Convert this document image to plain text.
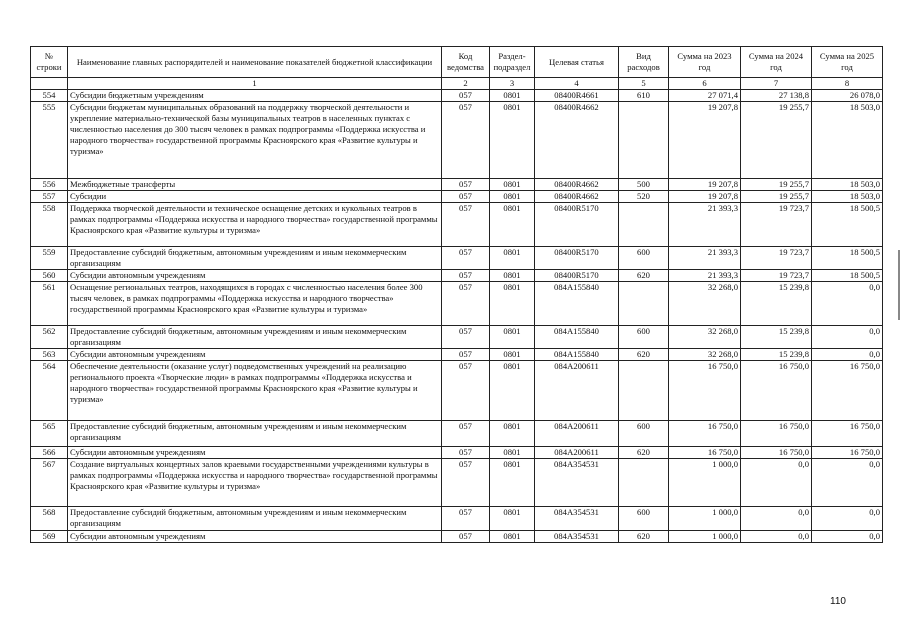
№ строки	Наименование главных распорядителей и наименование показателей бюджетной классификации	Код ведомства	Раздел-подраздел	Целевая статья	Вид расходов	Сумма на 2023 год	Сумма на 2024 год	Сумма на 2025 год
	1	2	3	4	5	6	7	8
554	Субсидии бюджетным учреждениям	057	0801	08400R4661	610	27 071,4	27 138,8	26 078,0
555	Субсидии бюджетам муниципальных образований на поддержку творческой деятельности и укрепление материально-технической базы муниципальных театров в населенных пунктах с численностью населения до 300 тысяч человек в рамках подпрограммы «Поддержка искусства и народного творчества» государственной программы Красноярского края «Развитие культуры и туризма»	057	0801	08400R4662		19 207,8	19 255,7	18 503,0
556	Межбюджетные трансферты	057	0801	08400R4662	500	19 207,8	19 255,7	18 503,0
557	Субсидии	057	0801	08400R4662	520	19 207,8	19 255,7	18 503,0
558	Поддержка творческой деятельности и техническое оснащение детских и кукольных театров в рамках подпрограммы «Поддержка искусства и народного творчества» государственной программы Красноярского края «Развитие культуры и туризма»	057	0801	08400R5170		21 393,3	19 723,7	18 500,5
559	Предоставление субсидий бюджетным, автономным учреждениям и иным некоммерческим организациям	057	0801	08400R5170	600	21 393,3	19 723,7	18 500,5
560	Субсидии автономным учреждениям	057	0801	08400R5170	620	21 393,3	19 723,7	18 500,5
561	Оснащение региональных театров, находящихся в городах с численностью населения более 300 тысяч человек, в рамках подпрограммы «Поддержка искусства и народного творчества» государственной программы Красноярского края «Развитие культуры и туризма»	057	0801	084A155840		32 268,0	15 239,8	0,0
562	Предоставление субсидий бюджетным, автономным учреждениям и иным некоммерческим организациям	057	0801	084A155840	600	32 268,0	15 239,8	0,0
563	Субсидии автономным учреждениям	057	0801	084A155840	620	32 268,0	15 239,8	0,0
564	Обеспечение деятельности (оказание услуг) подведомственных учреждений на реализацию регионального проекта «Творческие люди» в рамках подпрограммы «Поддержка искусства и народного творчества» государственной программы Красноярского края «Развитие культуры и туризма»	057	0801	084A200611		16 750,0	16 750,0	16 750,0
565	Предоставление субсидий бюджетным, автономным учреждениям и иным некоммерческим организациям	057	0801	084A200611	600	16 750,0	16 750,0	16 750,0
566	Субсидии автономным учреждениям	057	0801	084A200611	620	16 750,0	16 750,0	16 750,0
567	Создание виртуальных концертных залов краевыми государственными учреждениями культуры в рамках подпрограммы «Поддержка искусства и народного творчества» государственной программы Красноярского края «Развитие культуры и туризма»	057	0801	084A354531		1 000,0	0,0	0,0
568	Предоставление субсидий бюджетным, автономным учреждениям и иным некоммерческим организациям	057	0801	084A354531	600	1 000,0	0,0	0,0
569	Субсидии автономным учреждениям	057	0801	084A354531	620	1 000,0	0,0	0,0
110
